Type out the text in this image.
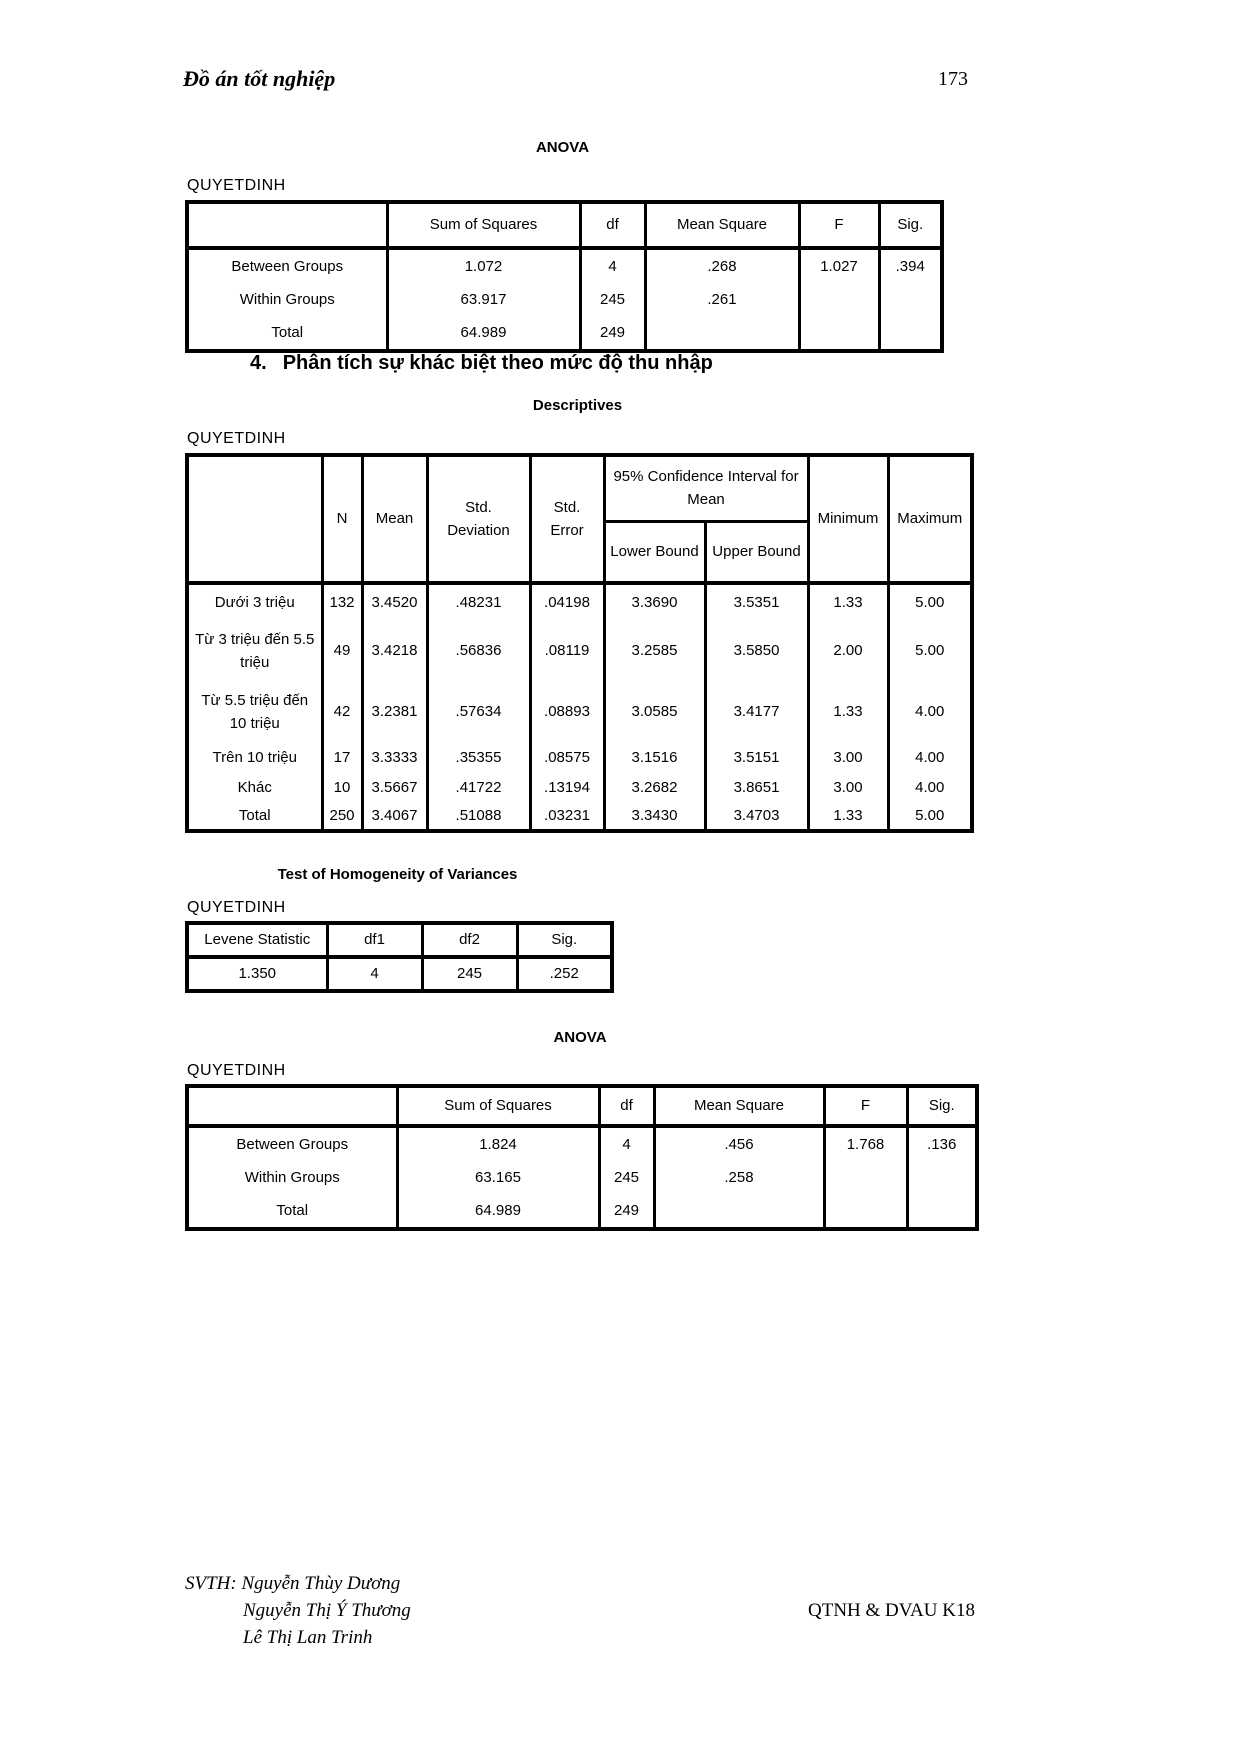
Đồ án tốt nghiệp	173
ANOVA
QUYETDINH
	Sum of Squares	df	Mean Square	F	Sig.
Between Groups	1.072	4	.268	1.027	.394
Within Groups	63.917	245	.261		
Total	64.989	249			
4. Phân tích sự khác biệt theo mức độ thu nhập
Descriptives
QUYETDINH
	N	Mean	Std. Deviation	Std. Error	95% Confidence Interval for Mean		Minimum	Maximum
					Lower Bound	Upper Bound		
Dưới 3 triệu	132	3.4520	.48231	.04198	3.3690	3.5351	1.33	5.00
Từ 3 triệu đến 5.5 triệu	49	3.4218	.56836	.08119	3.2585	3.5850	2.00	5.00
Từ 5.5 triệu đến 10 triệu	42	3.2381	.57634	.08893	3.0585	3.4177	1.33	4.00
Trên 10 triệu	17	3.3333	.35355	.08575	3.1516	3.5151	3.00	4.00
Khác	10	3.5667	.41722	.13194	3.2682	3.8651	3.00	4.00
Total	250	3.4067	.51088	.03231	3.3430	3.4703	1.33	5.00
Test of Homogeneity of Variances
QUYETDINH
Levene Statistic	df1	df2	Sig.
1.350	4	245	.252
ANOVA
QUYETDINH
	Sum of Squares	df	Mean Square	F	Sig.
Between Groups	1.824	4	.456	1.768	.136
Within Groups	63.165	245	.258		
Total	64.989	249			
SVTH: Nguyễn Thùy Dương
Nguyễn Thị Ý Thương
Lê Thị Lan Trinh
QTNH & DVAU K18
